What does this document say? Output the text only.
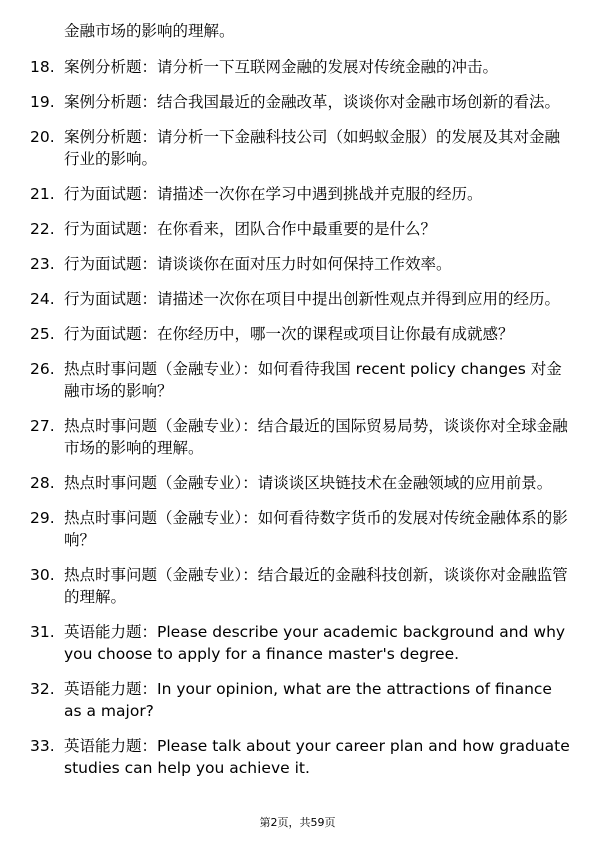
金融市场的影响的理解。
18. 案例分析题：请分析一下互联网金融的发展对传统金融的冲击。
19. 案例分析题：结合我国最近的金融改革，谈谈你对金融市场创新的看法。
20. 案例分析题：请分析一下金融科技公司（如蚂蚁金服）的发展及其对金融行业的影响。
21. 行为面试题：请描述一次你在学习中遇到挑战并克服的经历。
22. 行为面试题：在你看来，团队合作中最重要的是什么？
23. 行为面试题：请谈谈你在面对压力时如何保持工作效率。
24. 行为面试题：请描述一次你在项目中提出创新性观点并得到应用的经历。
25. 行为面试题：在你经历中，哪一次的课程或项目让你最有成就感？
26. 热点时事问题（金融专业）：如何看待我国 recent policy changes 对金融市场的影响？
27. 热点时事问题（金融专业）：结合最近的国际贸易局势，谈谈你对全球金融市场的影响的理解。
28. 热点时事问题（金融专业）：请谈谈区块链技术在金融领域的应用前景。
29. 热点时事问题（金融专业）：如何看待数字货币的发展对传统金融体系的影响？
30. 热点时事问题（金融专业）：结合最近的金融科技创新，谈谈你对金融监管的理解。
31. 英语能力题：Please describe your academic background and why you choose to apply for a finance master's degree.
32. 英语能力题：In your opinion, what are the attractions of finance as a major?
33. 英语能力题：Please talk about your career plan and how graduate studies can help you achieve it.
第2页，共59页
